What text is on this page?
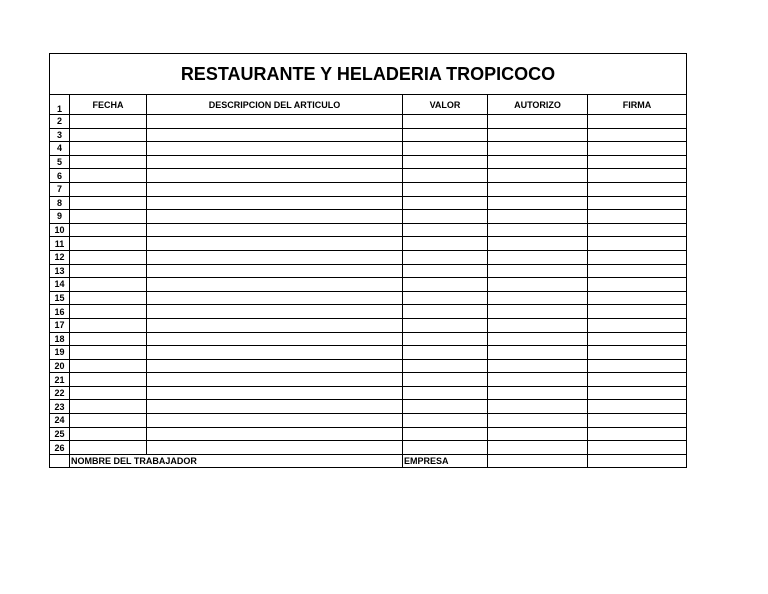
RESTAURANTE Y HELADERIA TROPICOCO					
1	FECHA	DESCRIPCION DEL ARTICULO	VALOR	AUTORIZO	FIRMA
2					
3					
4					
5					
6					
7					
8					
9					
10					
11					
12					
13					
14					
15					
16					
17					
18					
19					
20					
21					
22					
23					
24					
25					
26					
	NOMBRE DEL TRABAJADOR		EMPRESA		
